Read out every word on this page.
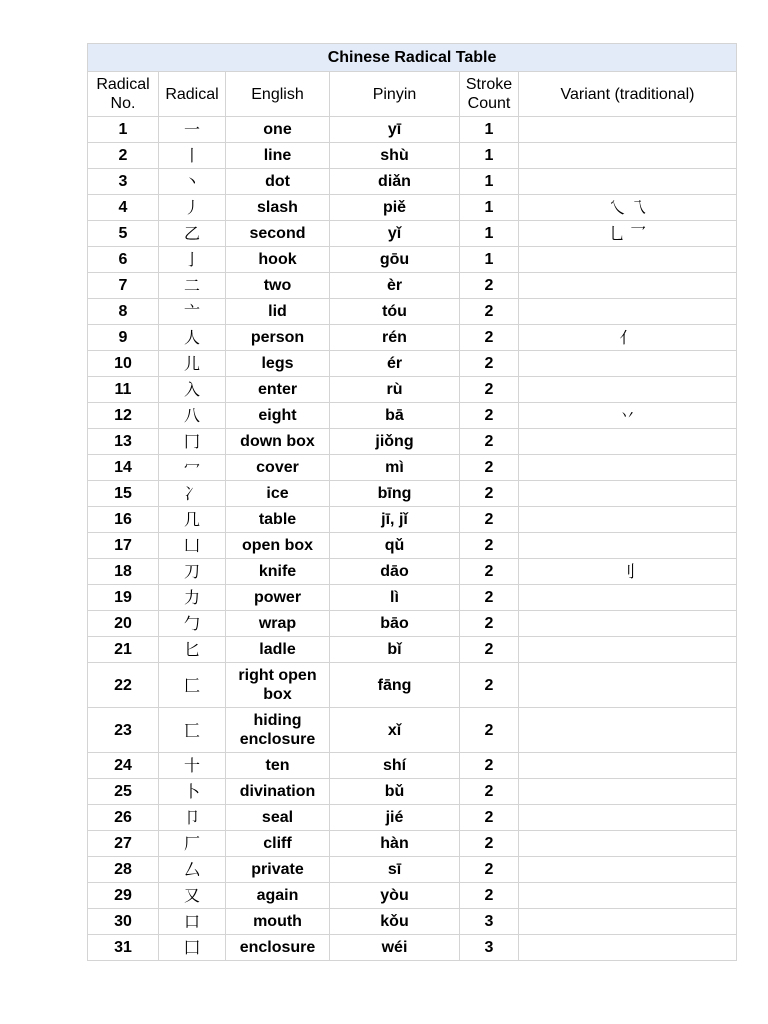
Chinese Radical Table					
Radical No.	Radical	English	Pinyin	Stroke Count	Variant (traditional)
1	一	one	yī	1	
2	丨	line	shù	1	
3	丶	dot	diǎn	1	
4	丿	slash	piě	1	乀 乁
5	乙	second	yǐ	1	乚 乛
6	亅	hook	gōu	1	
7	二	two	èr	2	
8	亠	lid	tóu	2	
9	人	person	rén	2	亻
10	儿	legs	ér	2	
11	入	enter	rù	2	
12	八	eight	bā	2	丷
13	冂	down box	jiǒng	2	
14	冖	cover	mì	2	
15	冫	ice	bīng	2	
16	几	table	jī, jǐ	2	
17	凵	open box	qǔ	2	
18	刀	knife	dāo	2	刂
19	力	power	lì	2	
20	勹	wrap	bāo	2	
21	匕	ladle	bǐ	2	
22	匚	right open box	fāng	2	
23	匸	hiding enclosure	xǐ	2	
24	十	ten	shí	2	
25	卜	divination	bǔ	2	
26	卩	seal	jié	2	
27	厂	cliff	hàn	2	
28	厶	private	sī	2	
29	又	again	yòu	2	
30	口	mouth	kǒu	3	
31	囗	enclosure	wéi	3	
